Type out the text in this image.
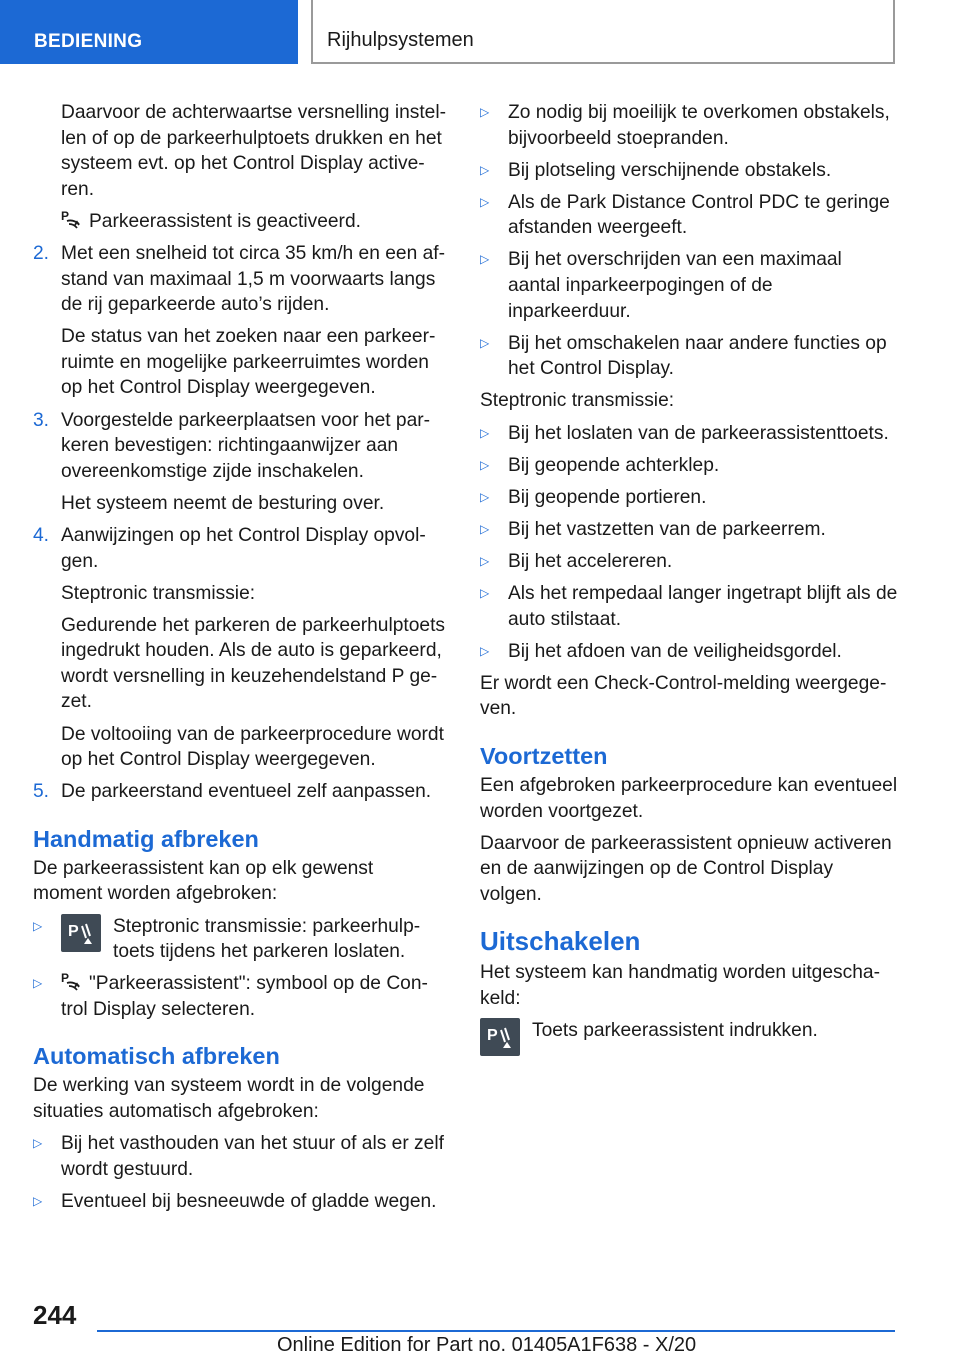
BEDIENING	Rijhulpsystemen

Daarvoor de achterwaartse versnelling instellen of op de parkeerhulptoets drukken en het systeem evt. op het Control Display activeren.

P Parkeerassistent is geactiveerd.

2. Met een snelheid tot circa 35 km/h en een afstand van maximaal 1,5 m voorwaarts langs de rij geparkeerde auto’s rijden.

De status van het zoeken naar een parkeerruimte en mogelijke parkeerruimtes worden op het Control Display weergegeven.

3. Voorgestelde parkeerplaatsen voor het parkeren bevestigen: richtingaanwijzer aan overeenkomstige zijde inschakelen.

Het systeem neemt de besturing over.

4. Aanwijzingen op het Control Display opvolgen.

Steptronic transmissie:

Gedurende het parkeren de parkeerhulptoets ingedrukt houden. Als de auto is geparkeerd, wordt versnelling in keuzehendelstand P gezet.

De voltooiing van de parkeerprocedure wordt op het Control Display weergegeven.

5. De parkeerstand eventueel zelf aanpassen.

Handmatig afbreken

De parkeerassistent kan op elk gewenst moment worden afgebroken:

▷	P Steptronic transmissie: parkeerhulptoets tijdens het parkeren loslaten.
▷	P "Parkeerassistent": symbool op de Control Display selecteren.
Automatisch afbreken

De werking van systeem wordt in de volgende situaties automatisch afgebroken:

▷ Bij het vasthouden van het stuur of als er zelf wordt gestuurd.
▷ Eventueel bij besneeuwde of gladde wegen.
▷ Zo nodig bij moeilijk te overkomen obstakels, bijvoorbeeld stoepranden.
▷ Bij plotseling verschijnende obstakels.
▷ Als de Park Distance Control PDC te geringe afstanden weergeeft.
▷ Bij het overschrijden van een maximaal aantal inparkeerpogingen of de inparkeerduur.
▷ Bij het omschakelen naar andere functies op het Control Display.

Steptronic transmissie:

▷ Bij het loslaten van de parkeerassistenttoets.
▷ Bij geopende achterklep.
▷ Bij geopende portieren.
▷ Bij het vastzetten van de parkeerrem.
▷ Bij het accelereren.
▷ Als het rempedaal langer ingetrapt blijft als de auto stilstaat.
▷ Bij het afdoen van de veiligheidsgordel.

Er wordt een Check-Control-melding weergegeven.

Voortzetten

Een afgebroken parkeerprocedure kan eventueel worden voortgezet.

Daarvoor de parkeerassistent opnieuw activeren en de aanwijzingen op de Control Display volgen.

Uitschakelen

Het systeem kan handmatig worden uitgeschakeld:

P Toets parkeerassistent indrukken.
244
Online Edition for Part no. 01405A1F638 - X/20
